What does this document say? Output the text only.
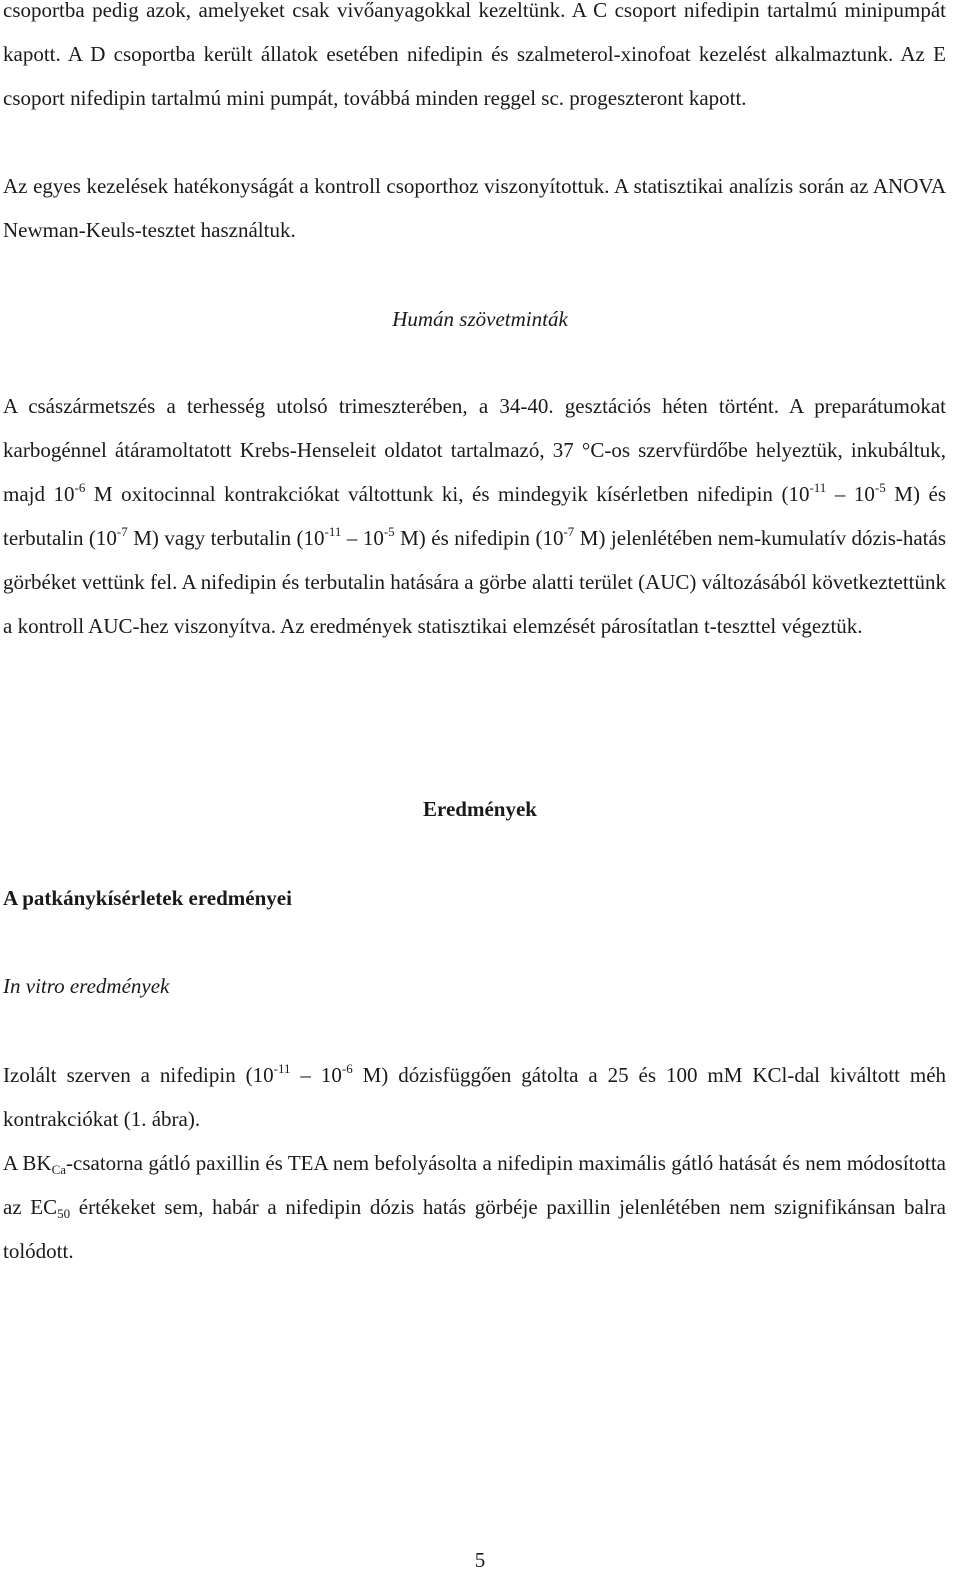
csoportba pedig azok, amelyeket csak vivőanyagokkal kezeltünk. A C csoport nifedipin tartalmú minipumpát kapott. A D csoportba került állatok esetében nifedipin és szalmeterol-xinofoat kezelést alkalmaztunk. Az E csoport nifedipin tartalmú mini pumpát, továbbá minden reggel sc. progeszteront kapott.

Az egyes kezelések hatékonyságát a kontroll csoporthoz viszonyítottuk. A statisztikai analízis során az ANOVA Newman-Keuls-tesztet használtuk.

Humán szövetminták

A császármetszés a terhesség utolsó trimeszterében, a 34-40. gesztációs héten történt. A preparátumokat karbogénnel átáramoltatott Krebs-Henseleit oldatot tartalmazó, 37 °C-os szervfürdőbe helyeztük, inkubáltuk, majd $10^{-6}$ M oxitocinnal kontrakciókat váltottunk ki, és mindegyik kísérletben nifedipin ($10^{-11} - 10^{-5}$ M) és terbutalin ($10^{-7}$ M) vagy terbutalin ($10^{-11} - 10^{-5}$ M) és nifedipin ($10^{-7}$ M) jelenlétében nem-kumulatív dózis-hatás görbéket vettünk fel. A nifedipin és terbutalin hatására a görbe alatti terület (AUC) változásából következtettünk a kontroll AUC-hez viszonyítva. Az eredmények statisztikai elemzését párosítatlan t-teszttel végeztük.

Eredmények

A patkánykísérletek eredményei

In vitro eredmények

Izolált szerven a nifedipin ($10^{-11} - 10^{-6}$ M) dózisfüggően gátolta a 25 és 100 mM KCl-dal kiváltott méh kontrakciókat (1. ábra).

A $BK_{Ca}$-csatorna gátló paxillin és TEA nem befolyásolta a nifedipin maximális gátló hatását és nem módosította az $EC_{50}$ értékeket sem, habár a nifedipin dózis hatás görbéje paxillin jelenlétében nem szignifikánsan balra tolódott.

5
